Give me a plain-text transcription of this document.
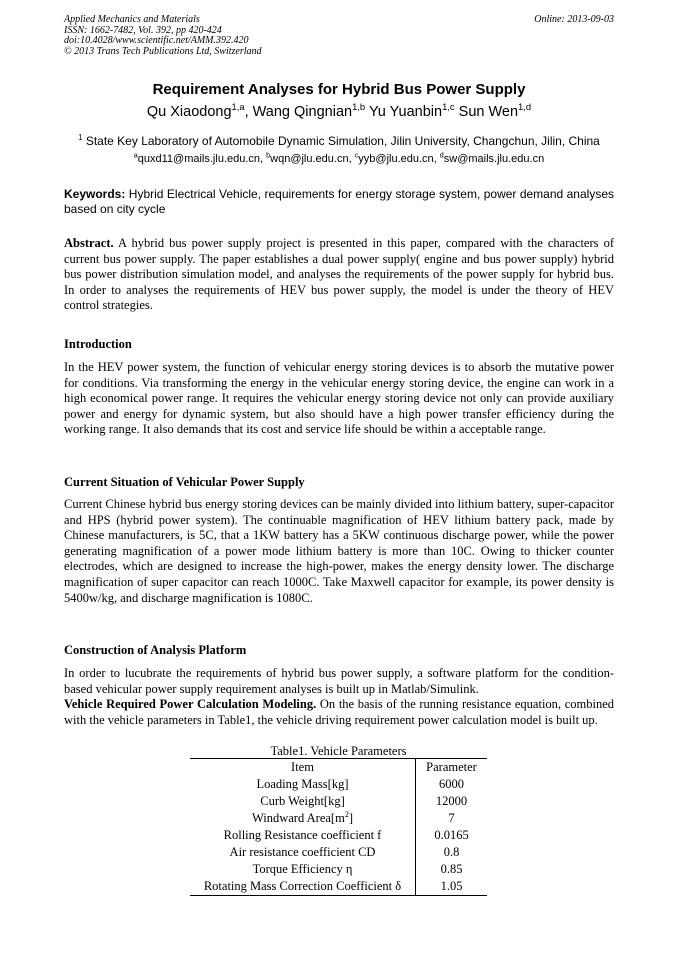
Applied Mechanics and Materials
ISSN: 1662-7482, Vol. 392, pp 420-424
doi:10.4028/www.scientific.net/AMM.392.420
© 2013 Trans Tech Publications Ltd, Switzerland
Online: 2013-09-03
Requirement Analyses for Hybrid Bus Power Supply
Qu Xiaodong$^{1,a}$, Wang Qingnian$^{1,b}$ Yu Yuanbin$^{1,c}$ Sun Wen$^{1,d}$
$^1$ State Key Laboratory of Automobile Dynamic Simulation, Jilin University, Changchun, Jilin, China
$^a$quxd11@mails.jlu.edu.cn, $^b$wqn@jlu.edu.cn, $^c$yyb@jlu.edu.cn, $^d$sw@mails.jlu.edu.cn
Keywords: Hybrid Electrical Vehicle, requirements for energy storage system, power demand analyses based on city cycle
Abstract. A hybrid bus power supply project is presented in this paper, compared with the characters of current bus power supply. The paper establishes a dual power supply( engine and bus power supply) hybrid bus power distribution simulation model, and analyses the requirements of the power supply for hybrid bus. In order to analyses the requirements of HEV bus power supply, the model is under the theory of HEV control strategies.
Introduction
In the HEV power system, the function of vehicular energy storing devices is to absorb the mutative power for conditions. Via transforming the energy in the vehicular energy storing device, the engine can work in a high economical power range. It requires the vehicular energy storing device not only can provide auxiliary power and energy for dynamic system, but also should have a high power transfer efficiency during the working range. It also demands that its cost and service life should be within a acceptable range.
Current Situation of Vehicular Power Supply
Current Chinese hybrid bus energy storing devices can be mainly divided into lithium battery, super-capacitor and HPS (hybrid power system). The continuable magnification of HEV lithium battery pack, made by Chinese manufacturers, is 5C, that a 1KW battery has a 5KW continuous discharge power, while the power generating magnification of a power mode lithium battery is more than 10C. Owing to thicker counter electrodes, which are designed to increase the high-power, makes the energy density lower. The discharge magnification of super capacitor can reach 1000C. Take Maxwell capacitor for example, its power density is 5400w/kg, and discharge magnification is 1080C.
Construction of Analysis Platform
In order to lucubrate the requirements of hybrid bus power supply, a software platform for the condition-based vehicular power supply requirement analyses is built up in Matlab/Simulink.
Vehicle Required Power Calculation Modeling. On the basis of the running resistance equation, combined with the vehicle parameters in Table1, the vehicle driving requirement power calculation model is built up.
Table1. Vehicle Parameters
Item	Parameter
Loading Mass[kg]	6000
Curb Weight[kg]	12000
Windward $Area[m^2]$	7
Rolling Resistance coefficient f	0.0165
Air resistance coefficient CD	0.8
Torque Efficiency η	0.85
Rotating Mass Correction Coefficient δ	1.05
